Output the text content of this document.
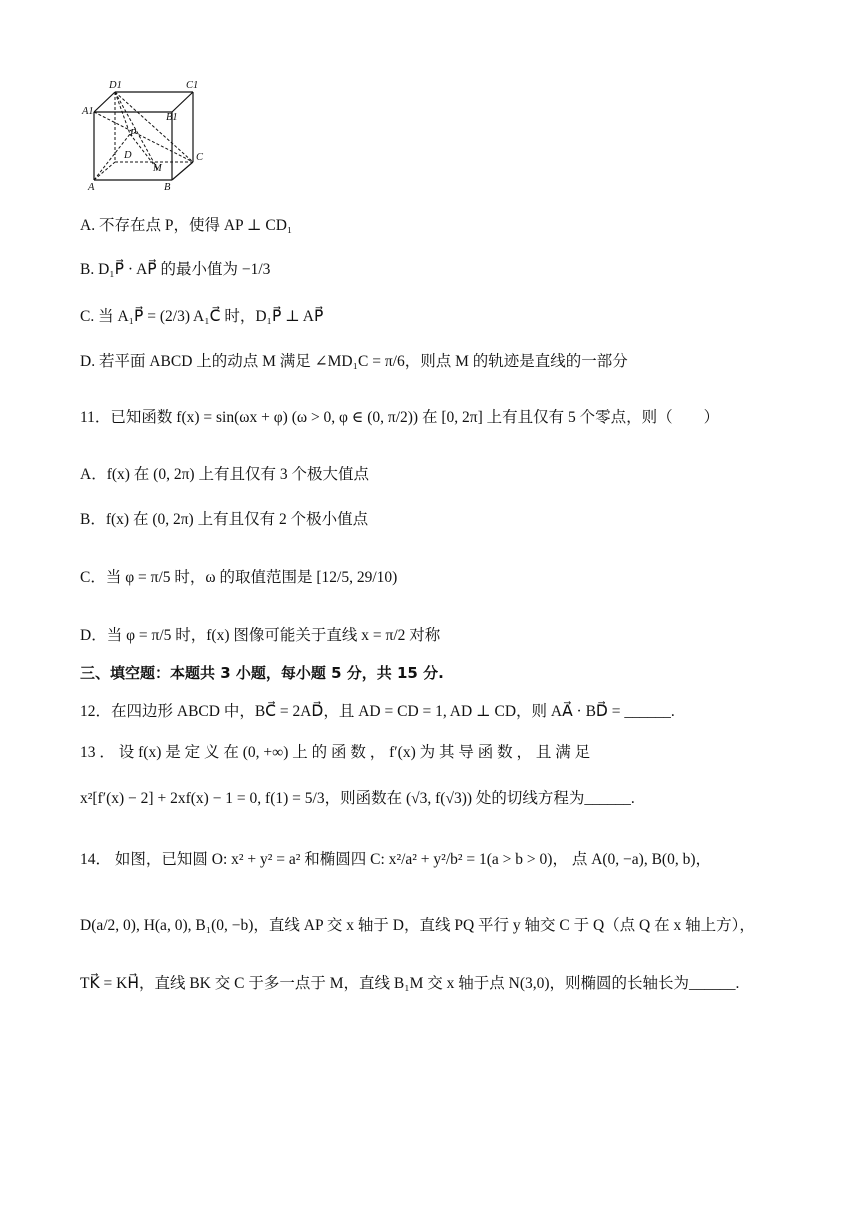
D1	C1
A1
B1
P
D
M
C
A	B
A. 不存在点 P，使得 AP ⊥ CD₁
B. D₁P⃗ · AP⃗ 的最小值为 −1/3
C. 当 A₁P⃗ = (2/3) A₁C⃗ 时，D₁P⃗ ⊥ AP⃗
D. 若平面 ABCD 上的动点 M 满足 ∠MD₁C = π/6，则点 M 的轨迹是直线的一部分
11．已知函数 f(x) = sin(ωx + φ) (ω > 0, φ ∈ (0, π/2)) 在 [0, 2π] 上有且仅有 5 个零点，则（　　）
A．f(x) 在 (0, 2π) 上有且仅有 3 个极大值点
B．f(x) 在 (0, 2π) 上有且仅有 2 个极小值点
C．当 φ = π/5 时，ω 的取值范围是 [12/5, 29/10)
D．当 φ = π/5 时，f(x) 图像可能关于直线 x = π/2 对称
三、填空题：本题共 3 小题，每小题 5 分，共 15 分.
12．在四边形 ABCD 中，BC⃗ = 2AD⃗，且 AD = CD = 1, AD ⊥ CD，则 AA⃗ · BD⃗ = ______.
13 ． 设 f(x) 是 定 义 在 (0, +∞) 上 的 函 数 ， f′(x) 为 其 导 函 数 ， 且 满 足
x²[f′(x) − 2] + 2xf(x) − 1 = 0, f(1) = 5/3，则函数在 (√3, f(√3)) 处的切线方程为______.
14． 如图，已知圆 O: x² + y² = a² 和椭圆四 C: x²/a² + y²/b² = 1(a > b > 0)， 点 A(0, −a), B(0, b)，
D(a/2, 0), H(a, 0), B₁(0, −b)，直线 AP 交 x 轴于 D，直线 PQ 平行 y 轴交 C 于 Q（点 Q 在 x 轴上方），
TK⃗ = KH⃗，直线 BK 交 C 于多一点于 M，直线 B₁M 交 x 轴于点 N(3,0)，则椭圆的长轴长为______.
